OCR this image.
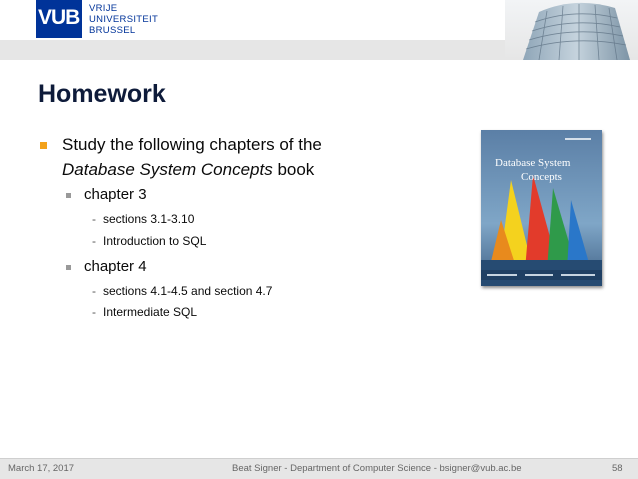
VUB VRIJE
UNIVERSITEIT
BRUSSEL
Homework
Study the following chapters of the
Database System Concepts book
chapter 3
- sections 3.1-3.10
- Introduction to SQL
chapter 4
- sections 4.1-4.5 and section 4.7
- Intermediate SQL
Database System
Concepts
March 17, 2017	Beat Signer - Department of Computer Science - bsigner@vub.ac.be	58
